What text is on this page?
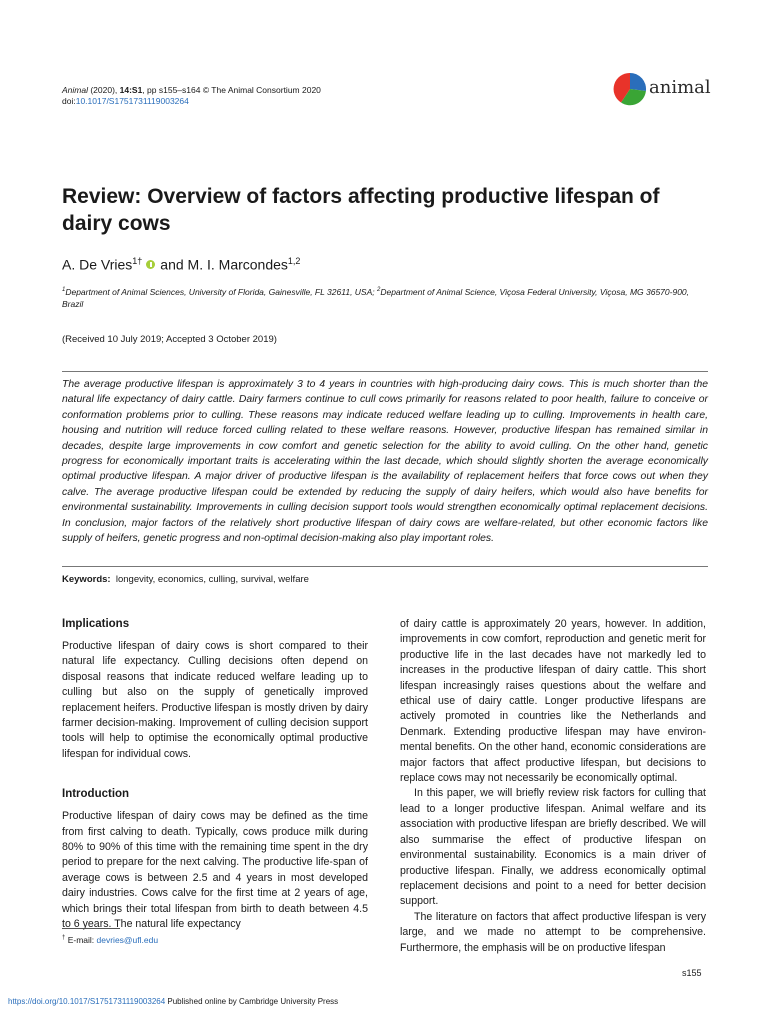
Animal (2020), 14:S1, pp s155–s164 © The Animal Consortium 2020
doi:10.1017/S1751731119003264
animal
Review: Overview of factors affecting productive lifespan of dairy cows
A. De Vries$^{1\dagger}$ and M. I. Marcondes$^{1,2}$
$^1$Department of Animal Sciences, University of Florida, Gainesville, FL 32611, USA; $^2$Department of Animal Science, Viçosa Federal University, Viçosa, MG 36570-900, Brazil
(Received 10 July 2019; Accepted 3 October 2019)
The average productive lifespan is approximately 3 to 4 years in countries with high-producing dairy cows. This is much shorter than the natural life expectancy of dairy cattle. Dairy farmers continue to cull cows primarily for reasons related to poor health, failure to conceive or conformation problems prior to culling. These reasons may indicate reduced welfare leading up to culling. Improvements in health care, housing and nutrition will reduce forced culling related to these welfare reasons. However, productive lifespan has remained similar in decades, despite large improvements in cow comfort and genetic selection for the ability to avoid culling. On the other hand, genetic progress for economically important traits is accelerating within the last decade, which should slightly shorten the average economically optimal productive lifespan. A major driver of productive lifespan is the availability of replacement heifers that force cows out when they calve. The average productive lifespan could be extended by reducing the supply of dairy heifers, which would also have benefits for environmental sustainability. Improvements in culling decision support tools would strengthen economically optimal replacement decisions. In conclusion, major factors of the relatively short productive lifespan of dairy cows are welfare-related, but other economic factors like supply of heifers, genetic progress and non-optimal decision-making also play important roles.
Keywords: longevity, economics, culling, survival, welfare
Implications

Productive lifespan of dairy cows is short compared to their natural life expectancy. Culling decisions often depend on disposal reasons that indicate reduced welfare leading up to culling but also on the supply of genetically improved replacement heifers. Productive lifespan is mostly driven by dairy farmer decision-making. Improvement of culling decision support tools will help to optimise the economically optimal productive lifespan for individual cows.

Introduction

Productive lifespan of dairy cows may be defined as the time from first calving to death. Typically, cows produce milk during 80% to 90% of this time with the remaining time spent in the dry period to prepare for the next calving. The productive life-span of average cows is between 2.5 and 4 years in most developed dairy industries. Cows calve for the first time at 2 years of age, which brings their total lifespan from birth to death between 4.5 to 6 years. The natural life expectancy

of dairy cattle is approximately 20 years, however. In addition, improvements in cow comfort, reproduction and genetic merit for productive life in the last decades have not markedly led to increases in the productive lifespan of dairy cattle. This short lifespan increasingly raises questions about the welfare and ethical use of dairy cattle. Longer productive lifespans are actively promoted in countries like the Netherlands and Denmark. Extending productive lifespan may have environ-mental benefits. On the other hand, economic considerations are major factors that affect productive lifespan, but decisions to replace cows may not necessarily be economically optimal.

In this paper, we will briefly review risk factors for culling that lead to a longer productive lifespan. Animal welfare and its association with productive lifespan are briefly described. We will also summarise the effect of productive lifespan on environmental sustainability. Economics is a main driver of productive lifespan. Finally, we address economically optimal replacement decisions and point to a need for better decision support.

The literature on factors that affect productive lifespan is very large, and we made no attempt to be comprehensive. Furthermore, the emphasis will be on productive lifespan

† E-mail: devries@ufl.edu
s155
https://doi.org/10.1017/S1751731119003264 Published online by Cambridge University Press
